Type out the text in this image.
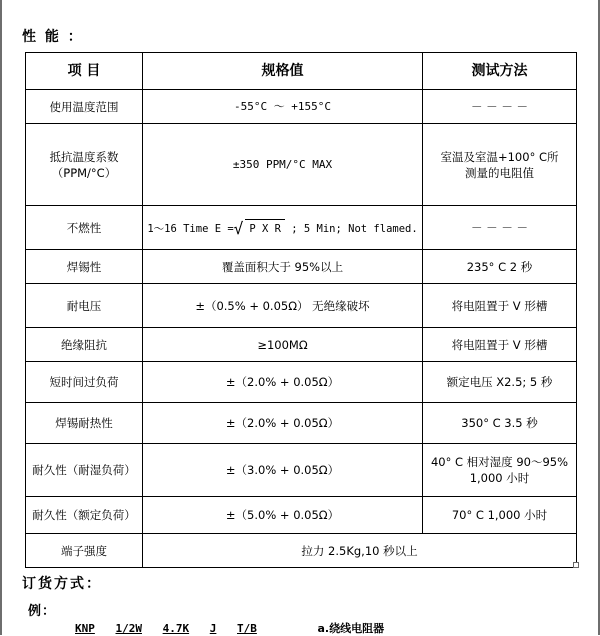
性 能 ：
项 目	规格值	测试方法
使用温度范围	-55°C ～ +155°C	－ － － －
抵抗温度系数
（PPM/°C）	±350 PPM/°C MAX	室温及室温+100° C所
测量的电阻值
不燃性	1～16 Time E =√ P X R ; 5 Min; Not flamed.	－ － － －
焊锡性	覆盖面积大于 95%以上	235° C 2 秒
耐电压	±（0.5% + 0.05Ω） 无绝缘破坏	将电阻置于 V 形槽
绝缘阻抗	≥100MΩ	将电阻置于 V 形槽
短时间过负荷	±（2.0% + 0.05Ω）	额定电压 X2.5; 5 秒
焊锡耐热性	±（2.0% + 0.05Ω）	350° C 3.5 秒
耐久性（耐湿负荷）	±（3.0% + 0.05Ω）	40° C 相对湿度 90～95%
1,000 小时
耐久性（额定负荷）	±（5.0% + 0.05Ω）	70° C 1,000 小时
端子强度	拉力 2.5Kg,10 秒以上	
订货方式：
例：
KNP 1/2W 4.7K J T/B	a.绕线电阻器
